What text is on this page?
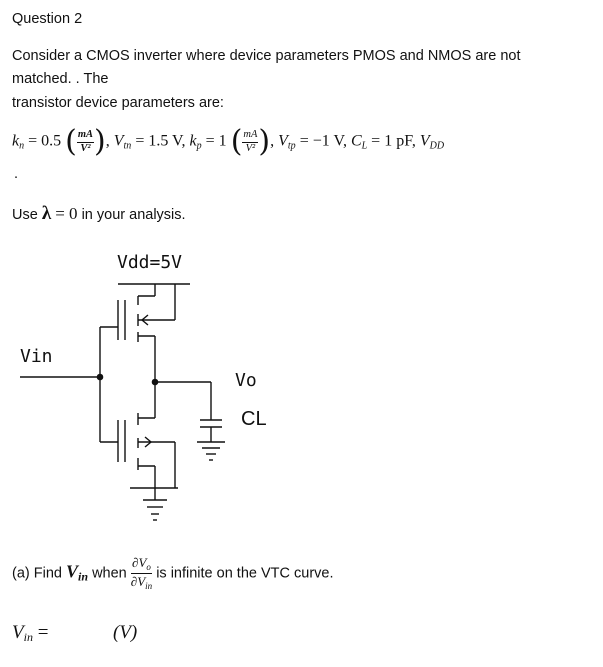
Question 2
Consider a CMOS inverter where device parameters PMOS and NMOS are not
matched. . The
transistor device parameters are:
$k_n = 0.5$ ( $\frac{mA}{\text{V²}}$ ), $V_{tn} = 1.5$ V, $k_p = 1$ ( $\frac{mA}{\text{V²}}$ ), $V_{tp} = -1$ V, $C_L = 1$ pF, $V_{DD}$
.
Use λ = 0 in your analysis.
Vdd=5V
Vin
Vo
CL
(a) Find $V_{in}$ when $\frac{\partial V_o}{\partial V_{in}}$ is infinite on the VTC curve.
$V_{in}$ =	(V)
